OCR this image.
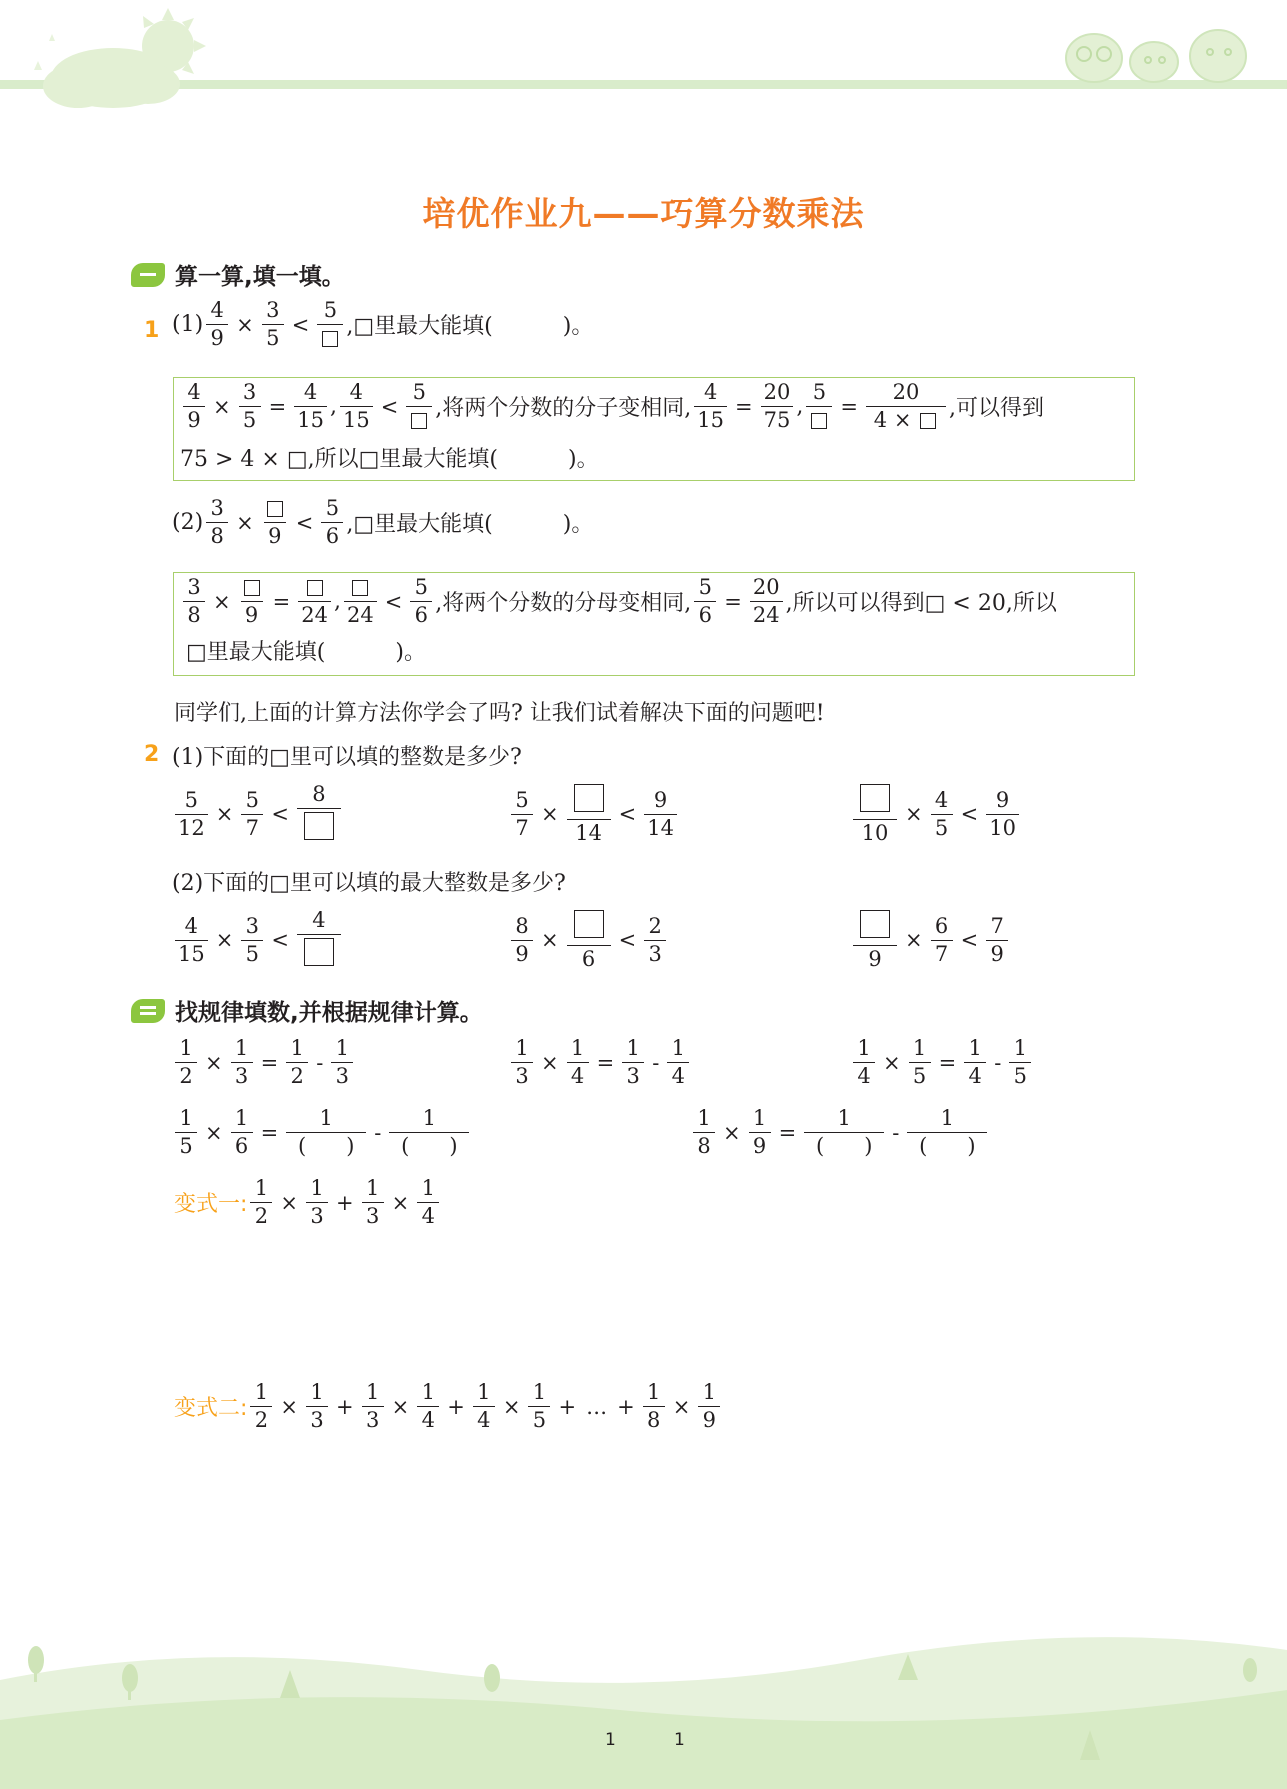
培优作业九——巧算分数乘法
算一算,填一填。
1 $(1) \frac{4}{9} \times \frac{3}{5}$ <
5
,□里最大能填(	)。
$\frac{4}{9} \times \frac{3}{5} = \frac{4}{15}$ , $\frac{4}{15}$ <
5
,将两个分数的分子变相同, $\frac{4}{15} = \frac{20}{75}$ ,
5
= $\frac{20}{4 \times}$ ,可以得到
75 > 4 × □,所以□里最大能填(	)。
$(2) \frac{3}{8}$ ×
9
< $\frac{5}{6}$ ,□里最大能填(	)。
$\frac{3}{8}$ ×
9
=
24
,
24
< $\frac{5}{6}$ ,将两个分数的分母变相同, $\frac{5}{6} = \frac{20}{24}$ ,所以可以得到□ < 20,所以
□里最大能填(	)。
同学们,上面的计算方法你学会了吗? 让我们试着解决下面的问题吧!
2 (1)下面的□里可以填的整数是多少?
$\frac{5}{12} \times \frac{5}{7}$ <
8	$\frac{5}{7}$ ×
14
< $\frac{9}{14}$	10
× $\frac{4}{5} < \frac{9}{10}$
(2)下面的□里可以填的最大整数是多少?
$\frac{4}{15} \times \frac{3}{5}$ <
4	$\frac{8}{9}$ ×
6
< $\frac{2}{3}$	9
× $\frac{6}{7} < \frac{7}{9}$
找规律填数,并根据规律计算。
$\frac{1}{2} \times \frac{1}{3} = \frac{1}{2} - \frac{1}{3}$	$\frac{1}{3} \times \frac{1}{4} = \frac{1}{3} - \frac{1}{4}$	$\frac{1}{4} \times \frac{1}{5} = \frac{1}{4} - \frac{1}{5}$
$\frac{1}{5} \times \frac{1}{6} = \frac{1}{( )} - \frac{1}{( )}$	$\frac{1}{8} \times \frac{1}{9} = \frac{1}{( )} - \frac{1}{( )}$
变式一: $\frac{1}{2} \times \frac{1}{3} + \frac{1}{3} \times \frac{1}{4}$
变式二: $\frac{1}{2} \times \frac{1}{3} + \frac{1}{3} \times \frac{1}{4} + \frac{1}{4} \times \frac{1}{5}$ + … + $\frac{1}{8} \times \frac{1}{9}$
1	1
